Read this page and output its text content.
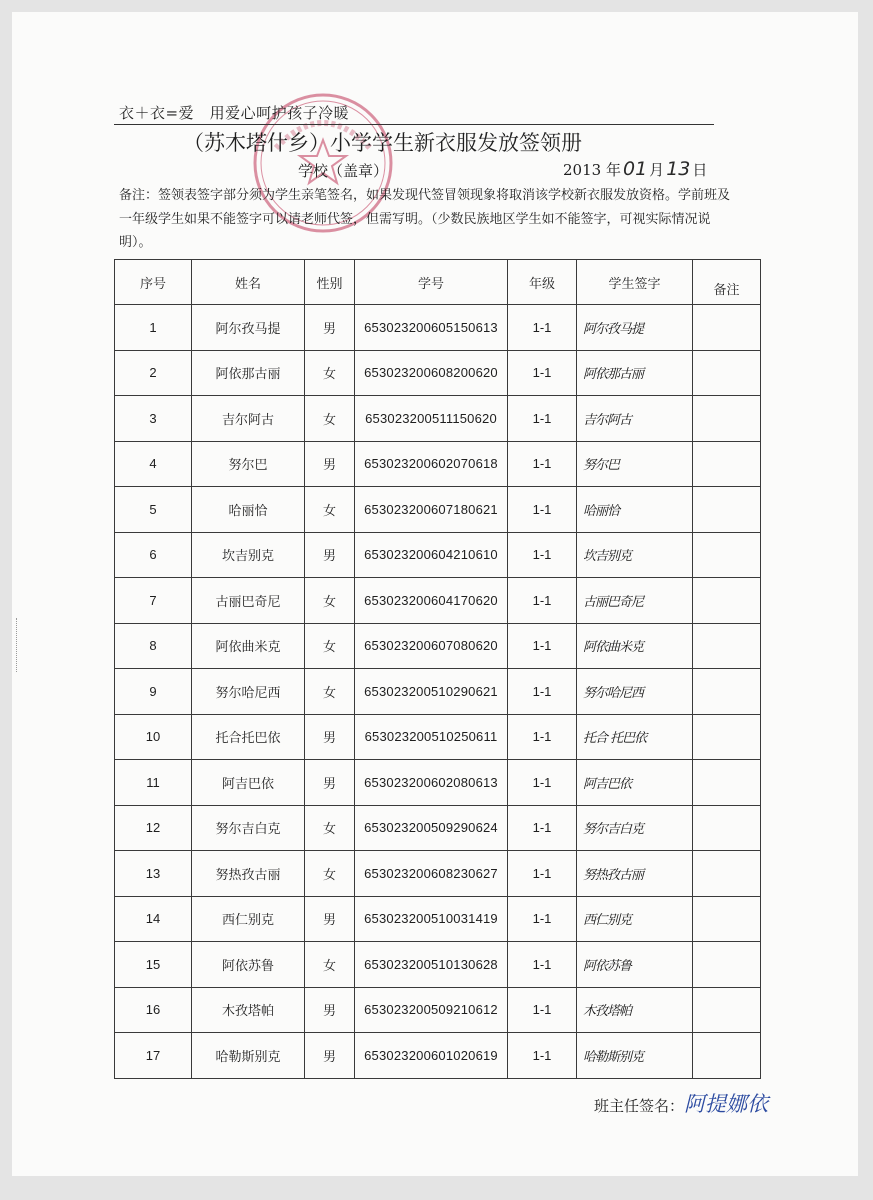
衣＋衣=爱　用爱心呵护孩子冷暖
（苏木塔什乡）小学学生新衣服发放签领册
学校（盖章）	2013 年 01 月 13 日
备注：签领表签字部分须为学生亲笔签名，如果发现代签冒领现象将取消该学校新衣服发放资格。学前班及一年级学生如果不能签字可以请老师代签，但需写明。（少数民族地区学生如不能签字，可视实际情况说明）。
序号	姓名	性别	学号	年级	学生签字	备注
1	阿尔孜马提	男	653023200605150613	1-1	阿尔孜马提	
2	阿依那古丽	女	653023200608200620	1-1	阿依那古丽	
3	吉尔阿古	女	653023200511150620	1-1	吉尔阿古	
4	努尔巴	男	653023200602070618	1-1	努尔巴	
5	哈丽恰	女	653023200607180621	1-1	哈丽恰	
6	坎吉别克	男	653023200604210610	1-1	坎吉别克	
7	古丽巴奇尼	女	653023200604170620	1-1	古丽巴奇尼	
8	阿依曲米克	女	653023200607080620	1-1	阿依曲米克	
9	努尔哈尼西	女	653023200510290621	1-1	努尔哈尼西	
10	托合托巴依	男	653023200510250611	1-1	托合 托巴依	
11	阿吉巴依	男	653023200602080613	1-1	阿吉巴依	
12	努尔吉白克	女	653023200509290624	1-1	努尔吉白克	
13	努热孜古丽	女	653023200608230627	1-1	努热孜古丽	
14	西仁别克	男	653023200510031419	1-1	西仁别克	
15	阿依苏鲁	女	653023200510130628	1-1	阿依苏鲁	
16	木孜塔帕	男	653023200509210612	1-1	木孜塔帕	
17	哈勒斯别克	男	653023200601020619	1-1	哈勒斯别克	
班主任签名：阿提娜依
